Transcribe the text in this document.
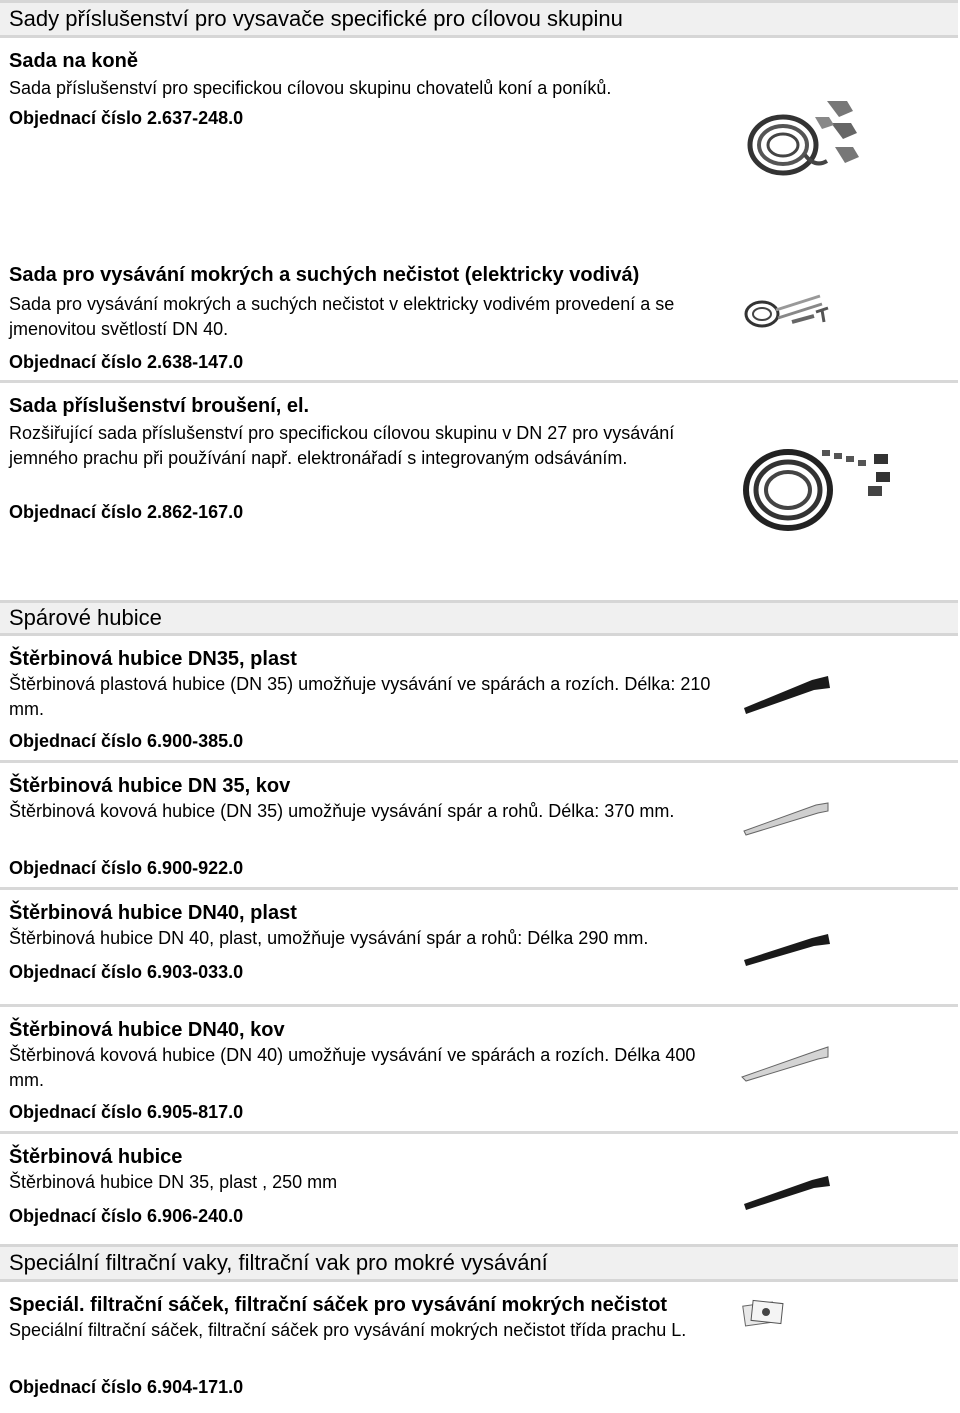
Sady příslušenství pro vysavače specifické pro cílovou skupinu
Sada na koně
Sada příslušenství pro specifickou cílovou skupinu chovatelů koní a poníků.
Objednací číslo 2.637-248.0
Sada pro vysávání mokrých a suchých nečistot (elektricky vodivá)
Sada pro vysávání mokrých a suchých nečistot v elektricky vodivém provedení a se jmenovitou světlostí DN 40.
Objednací číslo 2.638-147.0
Sada příslušenství broušení, el.
Rozšiřující sada příslušenství pro specifickou cílovou skupinu v DN 27 pro vysávání jemného prachu při používání např. elektronářadí s integrovaným odsáváním.
Objednací číslo 2.862-167.0
Spárové hubice
Štěrbinová hubice DN35, plast
Štěrbinová plastová hubice (DN 35) umožňuje vysávání ve spárách a rozích. Délka: 210 mm.
Objednací číslo 6.900-385.0
Štěrbinová hubice DN 35, kov
Štěrbinová kovová hubice (DN 35) umožňuje vysávání spár a rohů. Délka: 370 mm.
Objednací číslo 6.900-922.0
Štěrbinová hubice DN40, plast
Štěrbinová hubice DN 40, plast, umožňuje vysávání spár a rohů: Délka 290 mm.
Objednací číslo 6.903-033.0
Štěrbinová hubice DN40, kov
Štěrbinová kovová hubice (DN 40) umožňuje vysávání ve spárách a rozích. Délka 400 mm.
Objednací číslo 6.905-817.0
Štěrbinová hubice
Štěrbinová hubice DN 35, plast , 250 mm
Objednací číslo 6.906-240.0
Speciální filtrační vaky, filtrační vak pro mokré vysávání
Speciál. filtrační sáček, filtrační sáček pro vysávání mokrých nečistot
Speciální filtrační sáček, filtrační sáček pro vysávání mokrých nečistot třída prachu L.
Objednací číslo 6.904-171.0
